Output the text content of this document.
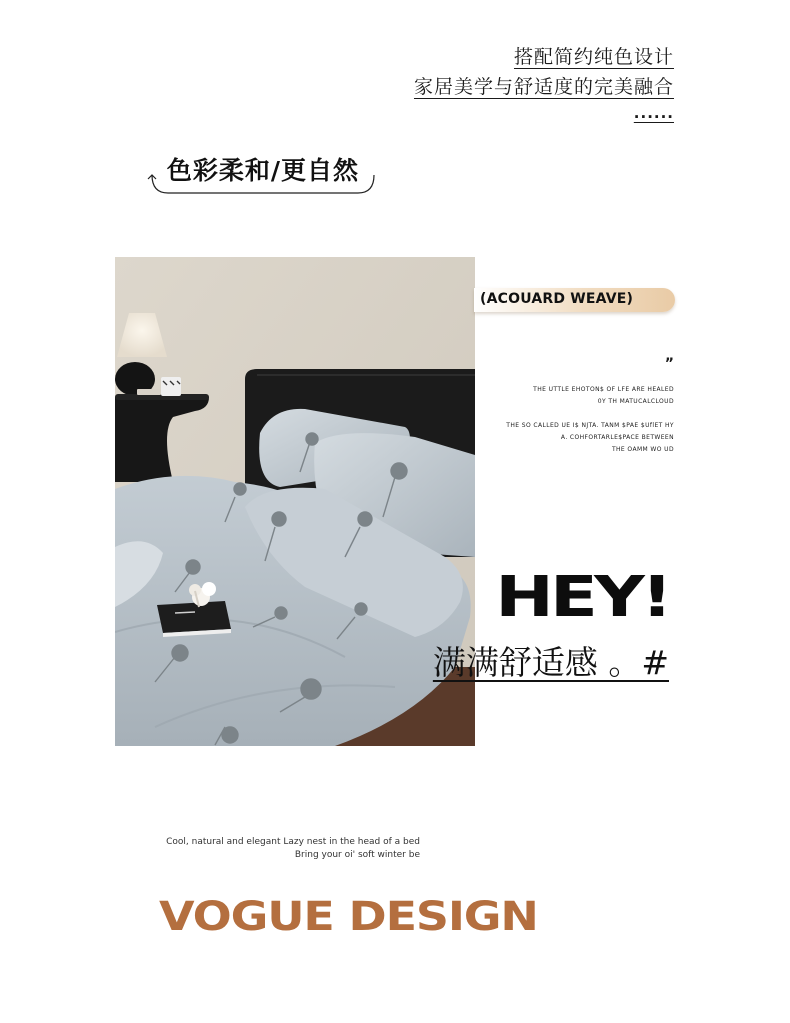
搭配简约纯色设计
家居美学与舒适度的完美融合
......
色彩柔和/更自然
(ACOUARD WEAVE)
”
THE UTTLE EHOTON$ OF LFE ARE HEALED
0Y TH MATUCALCLOUD
THE SO CALLED UE I$ NJTA. TANM $PAE $UflET HY
A. COHFORTARLE$PACE BETWEEN
THE OAMM WO UD
HEY!
满满舒适感 。#
Cool, natural and elegant Lazy nest in the head of a bed
Bring your oi' soft winter be
VOGUE DESIGN
